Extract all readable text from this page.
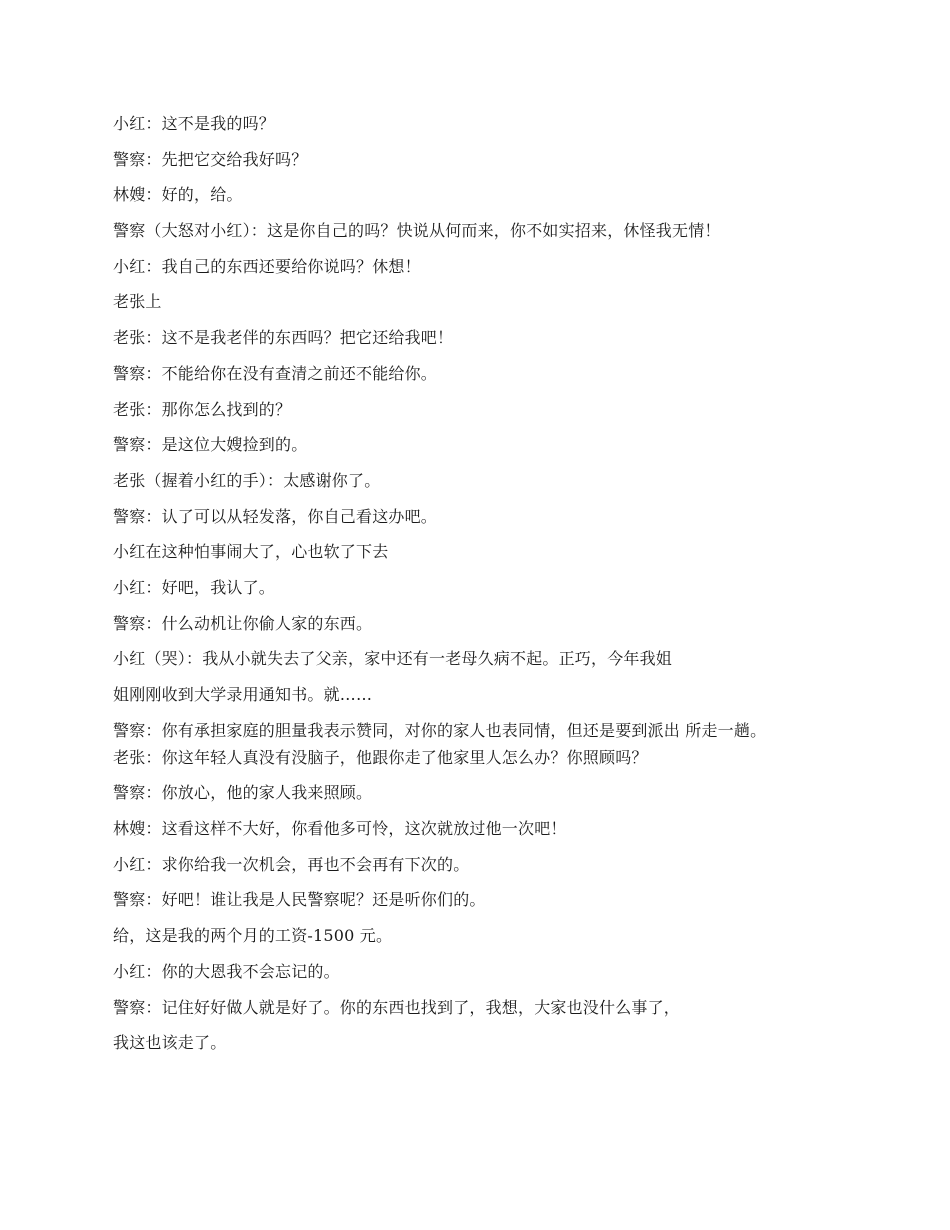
小红：这不是我的吗？

警察：先把它交给我好吗？

林嫂：好的，给。

警察（大怒对小红）：这是你自己的吗？快说从何而来，你不如实招来，休怪我无情！

小红：我自己的东西还要给你说吗？休想！

老张上

老张：这不是我老伴的东西吗？把它还给我吧！

警察：不能给你在没有查清之前还不能给你。

老张：那你怎么找到的？

警察：是这位大嫂捡到的。

老张（握着小红的手）：太感谢你了。

警察：认了可以从轻发落，你自己看这办吧。

小红在这种怕事闹大了，心也软了下去

小红：好吧，我认了。

警察：什么动机让你偷人家的东西。

小红（哭）：我从小就失去了父亲，家中还有一老母久病不起。正巧，今年我姐

姐刚刚收到大学录用通知书。就……

警察：你有承担家庭的胆量我表示赞同，对你的家人也表同情，但还是要到派出 所走一趟。

老张：你这年轻人真没有没脑子，他跟你走了他家里人怎么办？你照顾吗？

警察：你放心，他的家人我来照顾。

林嫂：这看这样不大好，你看他多可怜，这次就放过他一次吧！

小红：求你给我一次机会，再也不会再有下次的。

警察：好吧！谁让我是人民警察呢？还是听你们的。

给，这是我的两个月的工资-1500 元。

小红：你的大恩我不会忘记的。

警察：记住好好做人就是好了。你的东西也找到了，我想，大家也没什么事了，

我这也该走了。
